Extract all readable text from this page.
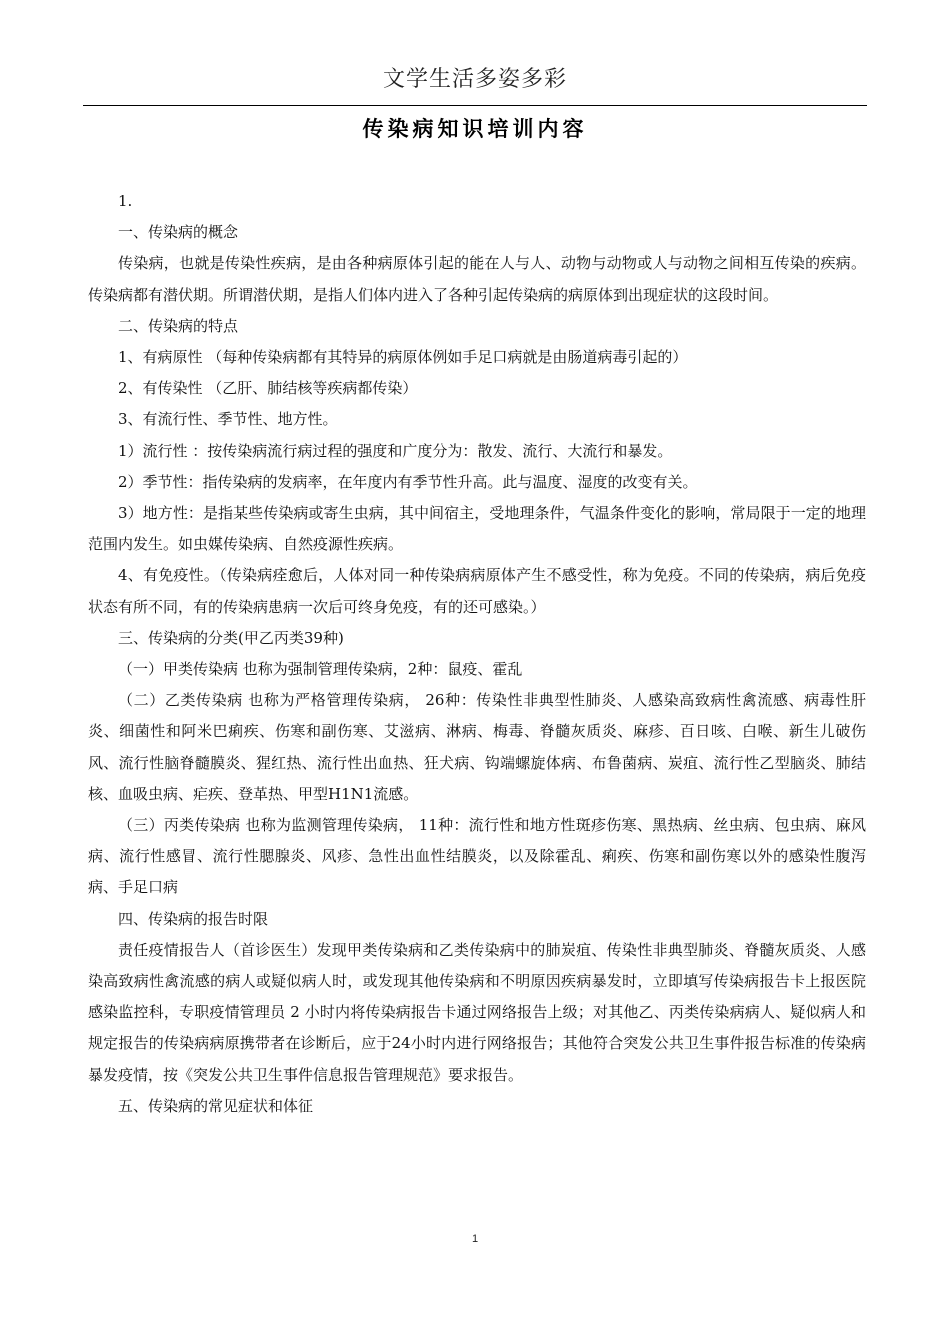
文学生活多姿多彩
传染病知识培训内容

1.

一、传染病的概念

传染病，也就是传染性疾病，是由各种病原体引起的能在人与人、动物与动物或人与动物之间相互传染的疾病。传染病都有潜伏期。所谓潜伏期，是指人们体内进入了各种引起传染病的病原体到出现症状的这段时间。

二、传染病的特点

1、有病原性 （每种传染病都有其特异的病原体例如手足口病就是由肠道病毒引起的）

2、有传染性 （乙肝、肺结核等疾病都传染）

3、有流行性、季节性、地方性。

1）流行性 ：按传染病流行病过程的强度和广度分为：散发、流行、大流行和暴发。

2）季节性：指传染病的发病率，在年度内有季节性升高。此与温度、湿度的改变有关。

3）地方性：是指某些传染病或寄生虫病，其中间宿主，受地理条件，气温条件变化的影响，常局限于一定的地理范围内发生。如虫媒传染病、自然疫源性疾病。

4、有免疫性。（传染病痊愈后，人体对同一种传染病病原体产生不感受性，称为免疫。不同的传染病，病后免疫状态有所不同，有的传染病患病一次后可终身免疫，有的还可感染。）

三、传染病的分类(甲乙丙类39种)

（一）甲类传染病 也称为强制管理传染病，2种：鼠疫、霍乱

（二）乙类传染病 也称为严格管理传染病， 26种：传染性非典型性肺炎、人感染高致病性禽流感、病毒性肝炎、细菌性和阿米巴痢疾、伤寒和副伤寒、艾滋病、淋病、梅毒、脊髓灰质炎、麻疹、百日咳、白喉、新生儿破伤风、流行性脑脊髓膜炎、猩红热、流行性出血热、狂犬病、钩端螺旋体病、布鲁菌病、炭疽、流行性乙型脑炎、肺结核、血吸虫病、疟疾、登革热、甲型H1N1流感。

（三）丙类传染病 也称为监测管理传染病， 11种：流行性和地方性斑疹伤寒、黑热病、丝虫病、包虫病、麻风病、流行性感冒、流行性腮腺炎、风疹、急性出血性结膜炎，以及除霍乱、痢疾、伤寒和副伤寒以外的感染性腹泻病、手足口病

四、传染病的报告时限

责任疫情报告人（首诊医生）发现甲类传染病和乙类传染病中的肺炭疽、传染性非典型肺炎、脊髓灰质炎、人感染高致病性禽流感的病人或疑似病人时，或发现其他传染病和不明原因疾病暴发时，立即填写传染病报告卡上报医院感染监控科，专职疫情管理员 2 小时内将传染病报告卡通过网络报告上级；对其他乙、丙类传染病病人、疑似病人和规定报告的传染病病原携带者在诊断后，应于24小时内进行网络报告；其他符合突发公共卫生事件报告标准的传染病暴发疫情，按《突发公共卫生事件信息报告管理规范》要求报告。

五、传染病的常见症状和体征

1
